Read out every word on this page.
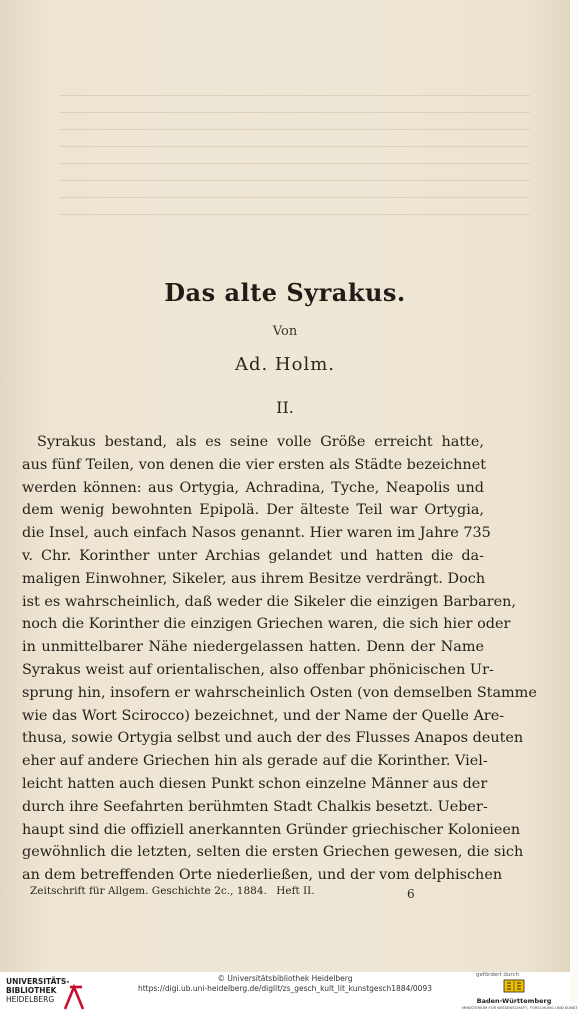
Das alte Syrakus.
Von
Ad. Holm.
II.
Syrakus bestand, als es seine volle Größe erreicht hatte,
aus fünf Teilen, von denen die vier ersten als Städte bezeichnet
werden können: aus Ortygia, Achradina, Tyche, Neapolis und
dem wenig bewohnten Epipolä. Der älteste Teil war Ortygia,
die Insel, auch einfach Nasos genannt. Hier waren im Jahre 735
v. Chr. Korinther unter Archias gelandet und hatten die da-
maligen Einwohner, Sikeler, aus ihrem Besitze verdrängt. Doch
ist es wahrscheinlich, daß weder die Sikeler die einzigen Barbaren,
noch die Korinther die einzigen Griechen waren, die sich hier oder
in unmittelbarer Nähe niedergelassen hatten. Denn der Name
Syrakus weist auf orientalischen, also offenbar phönicischen Ur-
sprung hin, insofern er wahrscheinlich Osten (von demselben Stamme
wie das Wort Scirocco) bezeichnet, und der Name der Quelle Are-
thusa, sowie Ortygia selbst und auch der des Flusses Anapos deuten
eher auf andere Griechen hin als gerade auf die Korinther. Viel-
leicht hatten auch diesen Punkt schon einzelne Männer aus der
durch ihre Seefahrten berühmten Stadt Chalkis besetzt. Ueber-
haupt sind die offiziell anerkannten Gründer griechischer Kolonieen
gewöhnlich die letzten, selten die ersten Griechen gewesen, die sich
an dem betreffenden Orte niederließen, und der vom delphischen
Zeitschrift für Allgem. Geschichte 2c., 1884. Heft II.	6
UNIVERSITÄTS-
BIBLIOTHEK
HEIDELBERG
© Universitätsbibliothek Heidelberg
https://digi.ub.uni-heidelberg.de/diglit/zs_gesch_kult_lit_kunstgesch1884/0093
gefördert durch
Baden-Württemberg
MINISTERIUM FÜR WISSENSCHAFT, FORSCHUNG UND KUNST
